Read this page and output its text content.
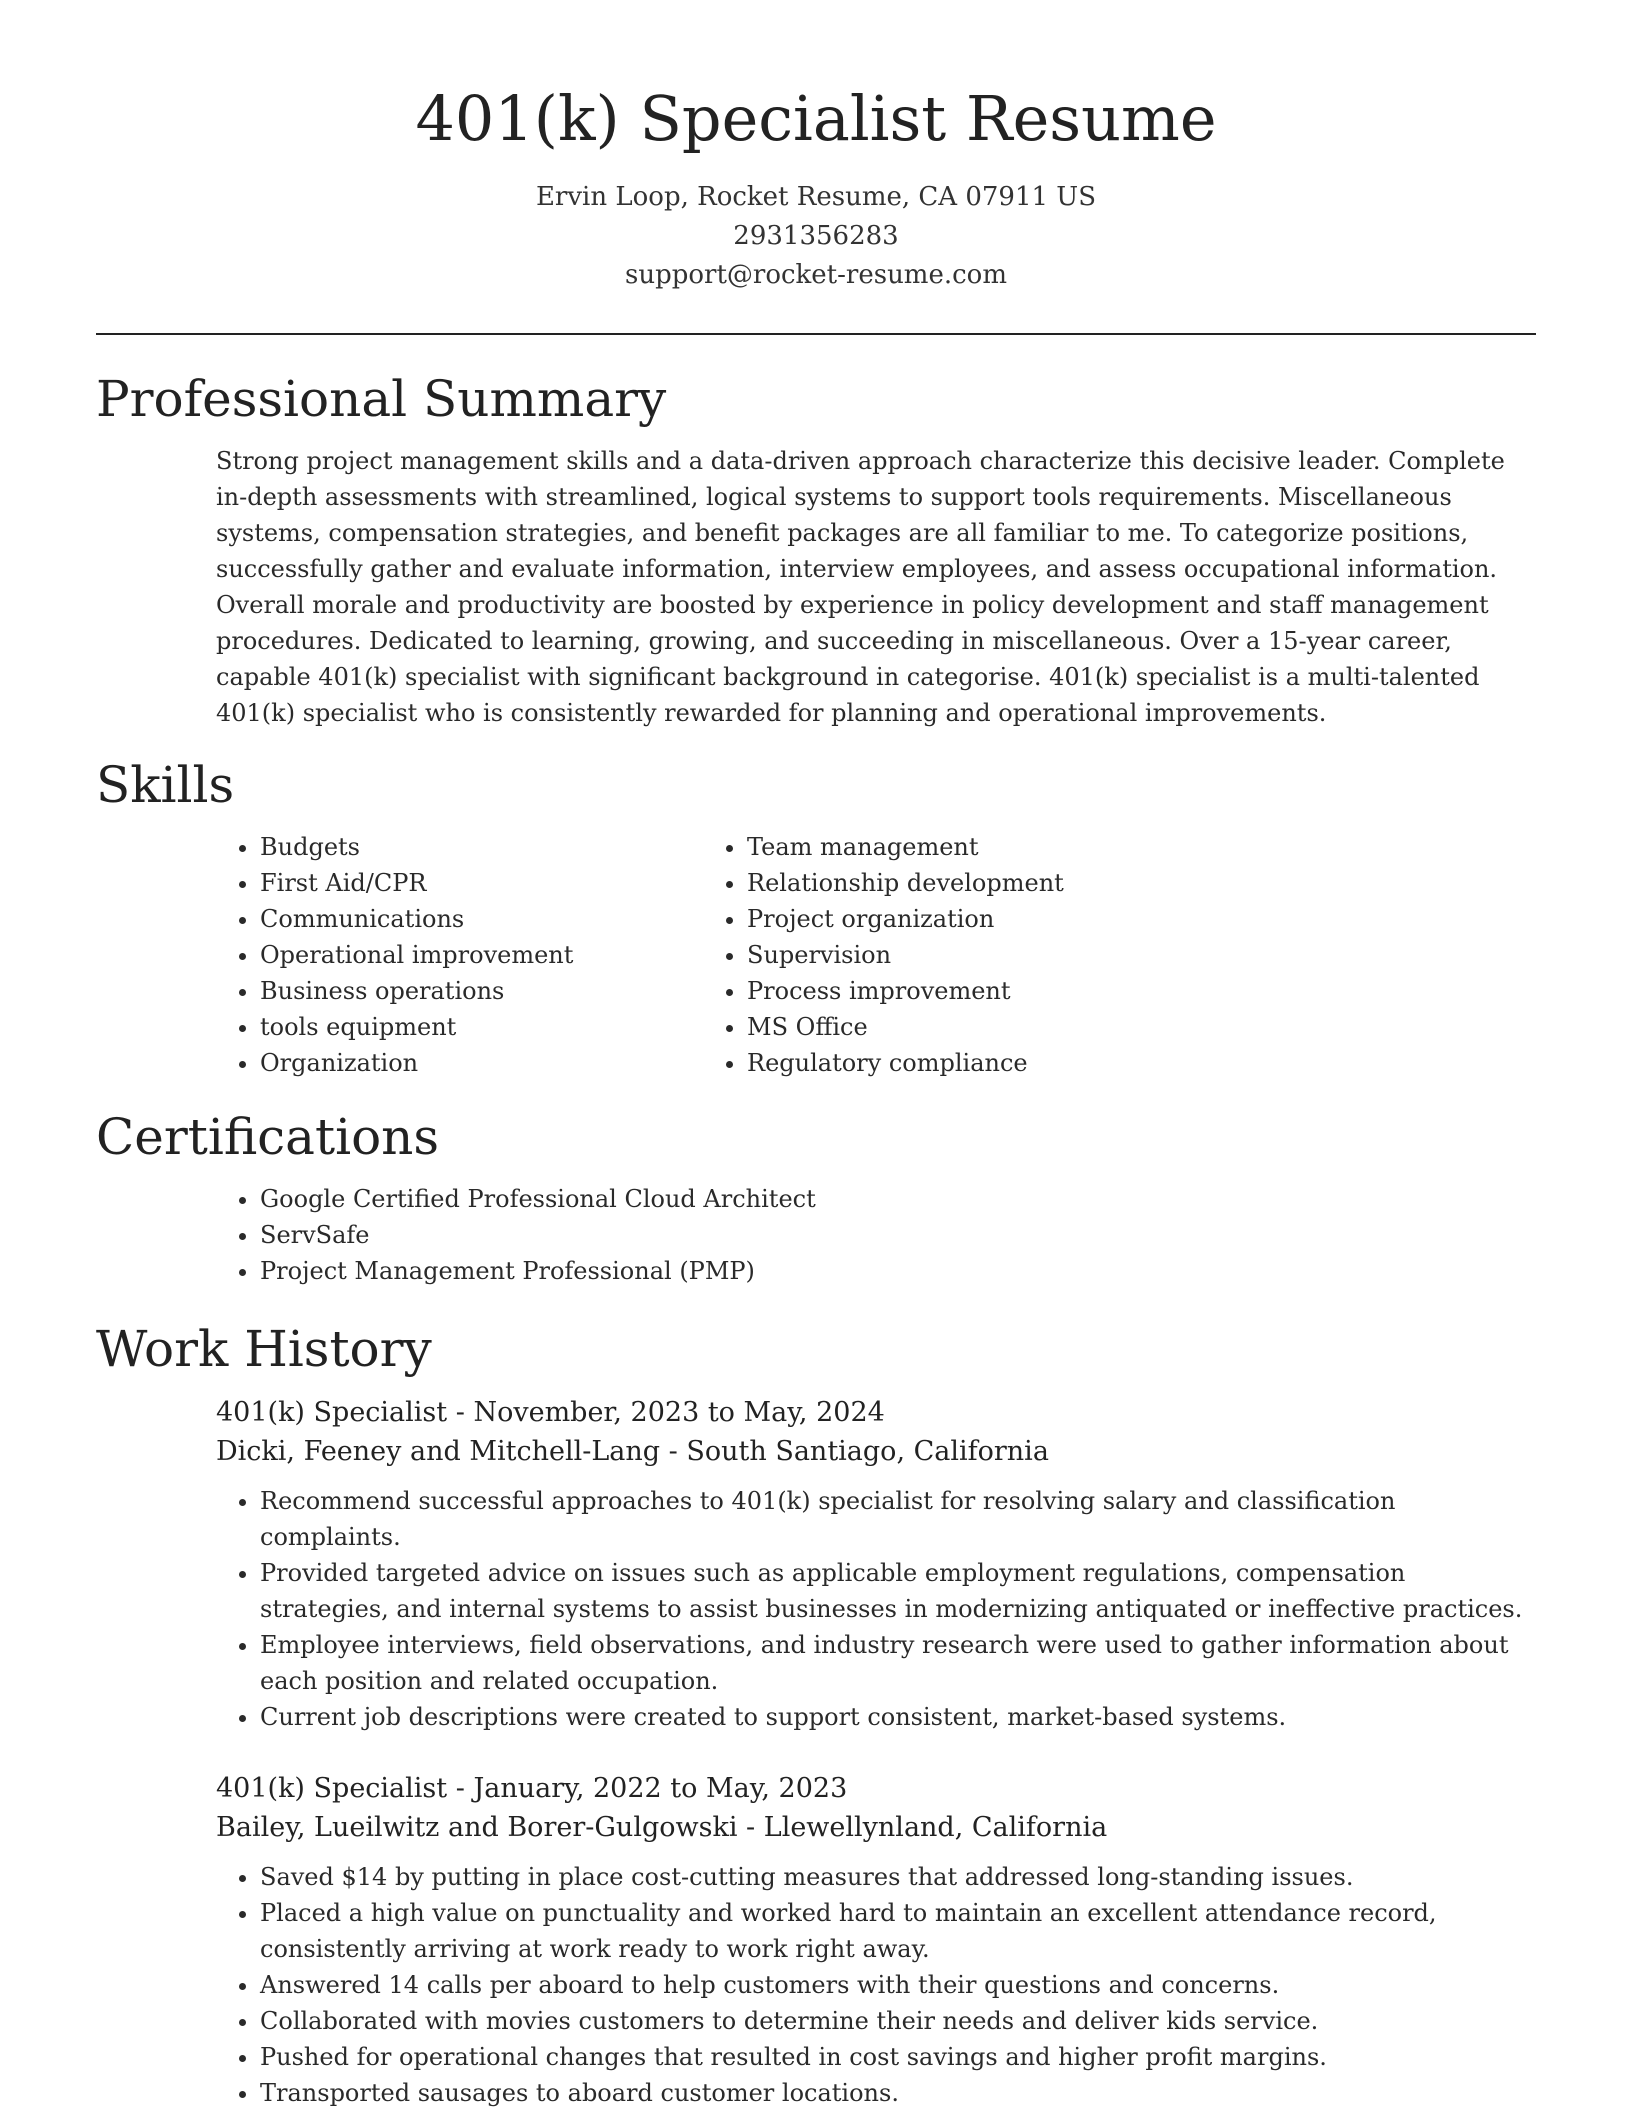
401(k) Specialist Resume
Ervin Loop, Rocket Resume, CA 07911 US
2931356283
support@rocket-resume.com
Professional Summary

Strong project management skills and a data-driven approach characterize this decisive leader. Complete in-depth assessments with streamlined, logical systems to support tools requirements. Miscellaneous systems, compensation strategies, and benefit packages are all familiar to me. To categorize positions, successfully gather and evaluate information, interview employees, and assess occupational information. Overall morale and productivity are boosted by experience in policy development and staff management procedures. Dedicated to learning, growing, and succeeding in miscellaneous. Over a 15-year career, capable 401(k) specialist with significant background in categorise. 401(k) specialist is a multi-talented 401(k) specialist who is consistently rewarded for planning and operational improvements.

Skills
• Budgets
• First Aid/CPR
• Communications
• Operational improvement
• Business operations
• tools equipment
• Organization
• Team management
• Relationship development
• Project organization
• Supervision
• Process improvement
• MS Office
• Regulatory compliance
Certifications
• Google Certified Professional Cloud Architect
• ServSafe
• Project Management Professional (PMP)
Work History
401(k) Specialist - November, 2023 to May, 2024
Dicki, Feeney and Mitchell-Lang - South Santiago, California
• Recommend successful approaches to 401(k) specialist for resolving salary and classification complaints.
• Provided targeted advice on issues such as applicable employment regulations, compensation strategies, and internal systems to assist businesses in modernizing antiquated or ineffective practices.
• Employee interviews, field observations, and industry research were used to gather information about each position and related occupation.
• Current job descriptions were created to support consistent, market-based systems.
401(k) Specialist - January, 2022 to May, 2023
Bailey, Lueilwitz and Borer-Gulgowski - Llewellynland, California
• Saved $14 by putting in place cost-cutting measures that addressed long-standing issues.
• Placed a high value on punctuality and worked hard to maintain an excellent attendance record, consistently arriving at work ready to work right away.
• Answered 14 calls per aboard to help customers with their questions and concerns.
• Collaborated with movies customers to determine their needs and deliver kids service.
• Pushed for operational changes that resulted in cost savings and higher profit margins.
• Transported sausages to aboard customer locations.
